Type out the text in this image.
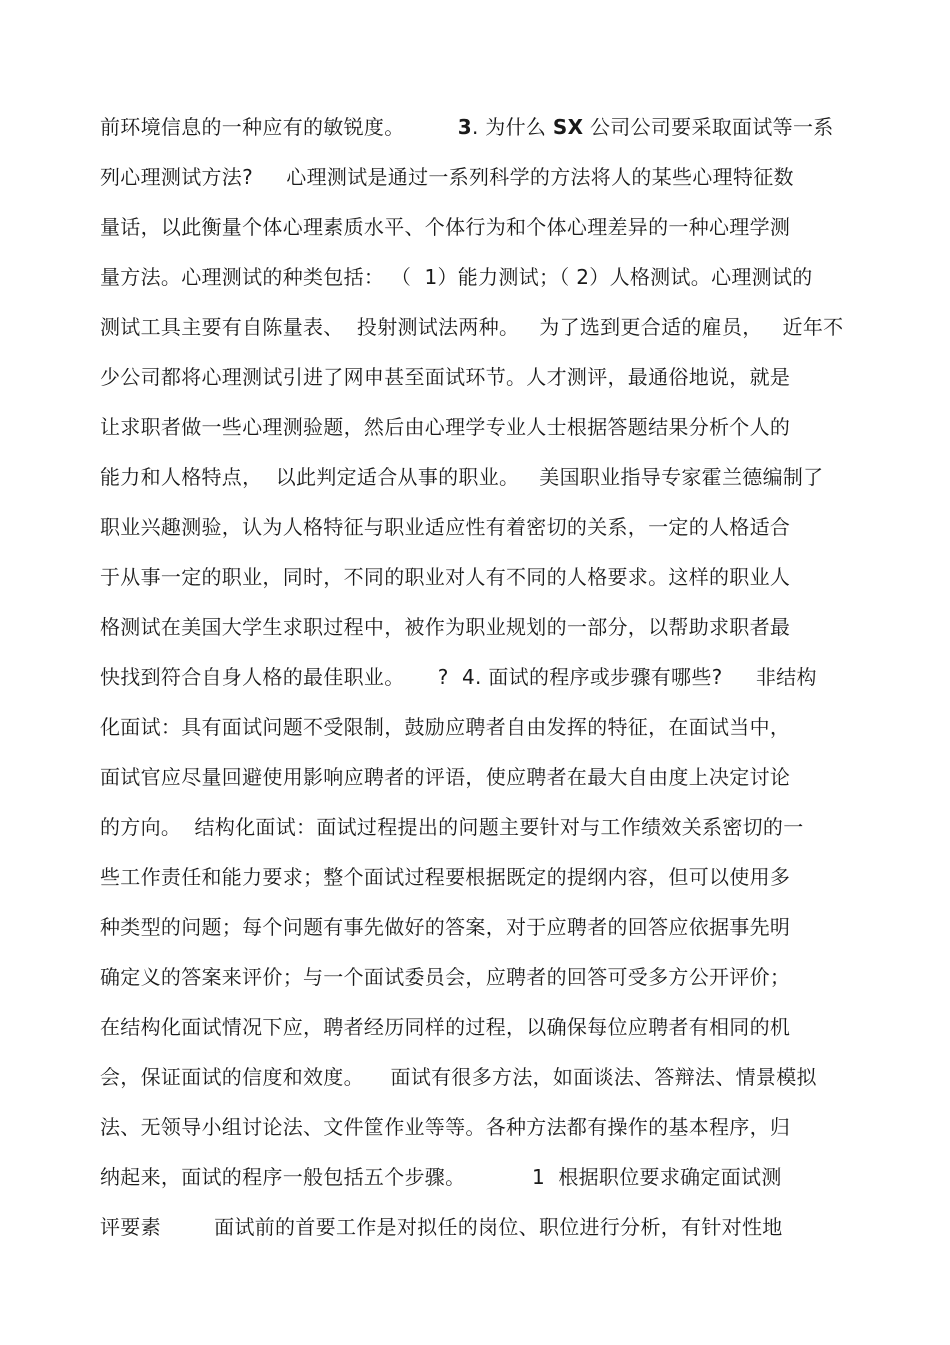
前环境信息的一种应有的敏锐度。        3. 为什么 SX 公司公司要采取面试等一系
列心理测试方法?     心理测试是通过一系列科学的方法将人的某些心理特征数
量话，以此衡量个体心理素质水平、个体行为和个体心理差异的一种心理学测
量方法。心理测试的种类包括： （  1）能力测试；（ 2）人格测试。心理测试的
测试工具主要有自陈量表、  投射测试法两种。   为了选到更合适的雇员，   近年不
少公司都将心理测试引进了网申甚至面试环节。人才测评，最通俗地说，就是
让求职者做一些心理测验题，然后由心理学专业人士根据答题结果分析个人的
能力和人格特点，  以此判定适合从事的职业。   美国职业指导专家霍兰德编制了
职业兴趣测验，认为人格特征与职业适应性有着密切的关系，一定的人格适合
于从事一定的职业，同时，不同的职业对人有不同的人格要求。这样的职业人
格测试在美国大学生求职过程中，被作为职业规划的一部分，以帮助求职者最
快找到符合自身人格的最佳职业。     ?  4. 面试的程序或步骤有哪些?     非结构
化面试：具有面试问题不受限制，鼓励应聘者自由发挥的特征，在面试当中，
面试官应尽量回避使用影响应聘者的评语，使应聘者在最大自由度上决定讨论
的方向。  结构化面试：面试过程提出的问题主要针对与工作绩效关系密切的一
些工作责任和能力要求；整个面试过程要根据既定的提纲内容，但可以使用多
种类型的问题；每个问题有事先做好的答案，对于应聘者的回答应依据事先明
确定义的答案来评价；与一个面试委员会，应聘者的回答可受多方公开评价；
在结构化面试情况下应，聘者经历同样的过程，以确保每位应聘者有相同的机
会，保证面试的信度和效度。    面试有很多方法，如面谈法、答辩法、情景模拟
法、无领导小组讨论法、文件筐作业等等。各种方法都有操作的基本程序，归
纳起来，面试的程序一般包括五个步骤。          1  根据职位要求确定面试测
评要素        面试前的首要工作是对拟任的岗位、职位进行分析，有针对性地
